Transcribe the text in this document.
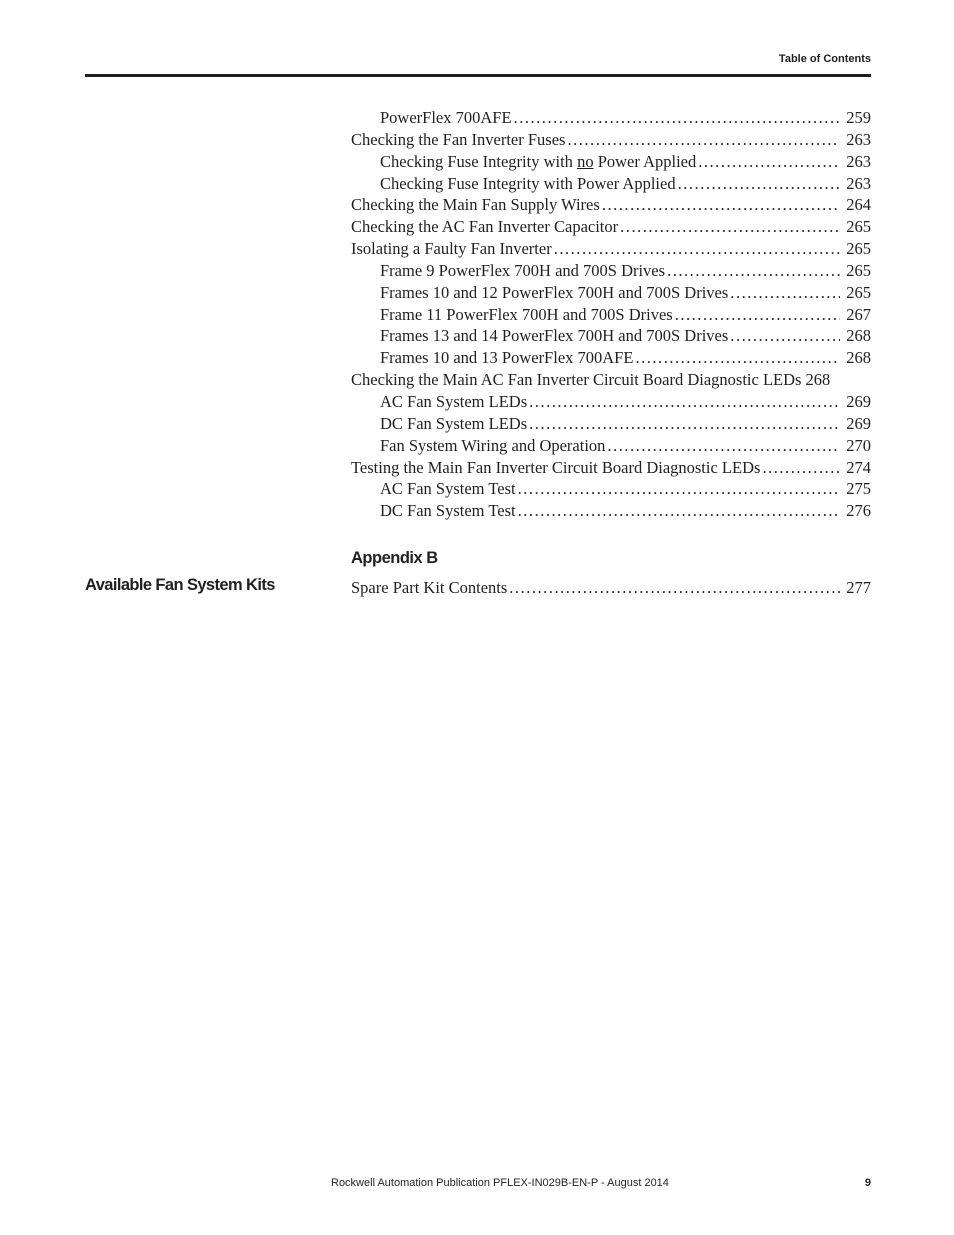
Table of Contents
PowerFlex 700AFE . . .	259
Checking the Fan Inverter Fuses . . .	263
Checking Fuse Integrity with no Power Applied . . .	263
Checking Fuse Integrity with Power Applied . . .	263
Checking the Main Fan Supply Wires . . .	264
Checking the AC Fan Inverter Capacitor . . .	265
Isolating a Faulty Fan Inverter . . .	265
Frame 9 PowerFlex 700H and 700S Drives . . .	265
Frames 10 and 12 PowerFlex 700H and 700S Drives . . .	265
Frame 11 PowerFlex 700H and 700S Drives . . .	267
Frames 13 and 14 PowerFlex 700H and 700S Drives . . .	268
Frames 10 and 13 PowerFlex 700AFE . . .	268
Checking the Main AC Fan Inverter Circuit Board Diagnostic LEDs 268
AC Fan System LEDs . . .	269
DC Fan System LEDs . . .	269
Fan System Wiring and Operation . . .	270
Testing the Main Fan Inverter Circuit Board Diagnostic LEDs . . .	274
AC Fan System Test . . .	275
DC Fan System Test . . .	276
Appendix B
Available Fan System Kits	Spare Part Kit Contents . . .	277
Rockwell Automation Publication PFLEX-IN029B-EN-P - August 2014	9
